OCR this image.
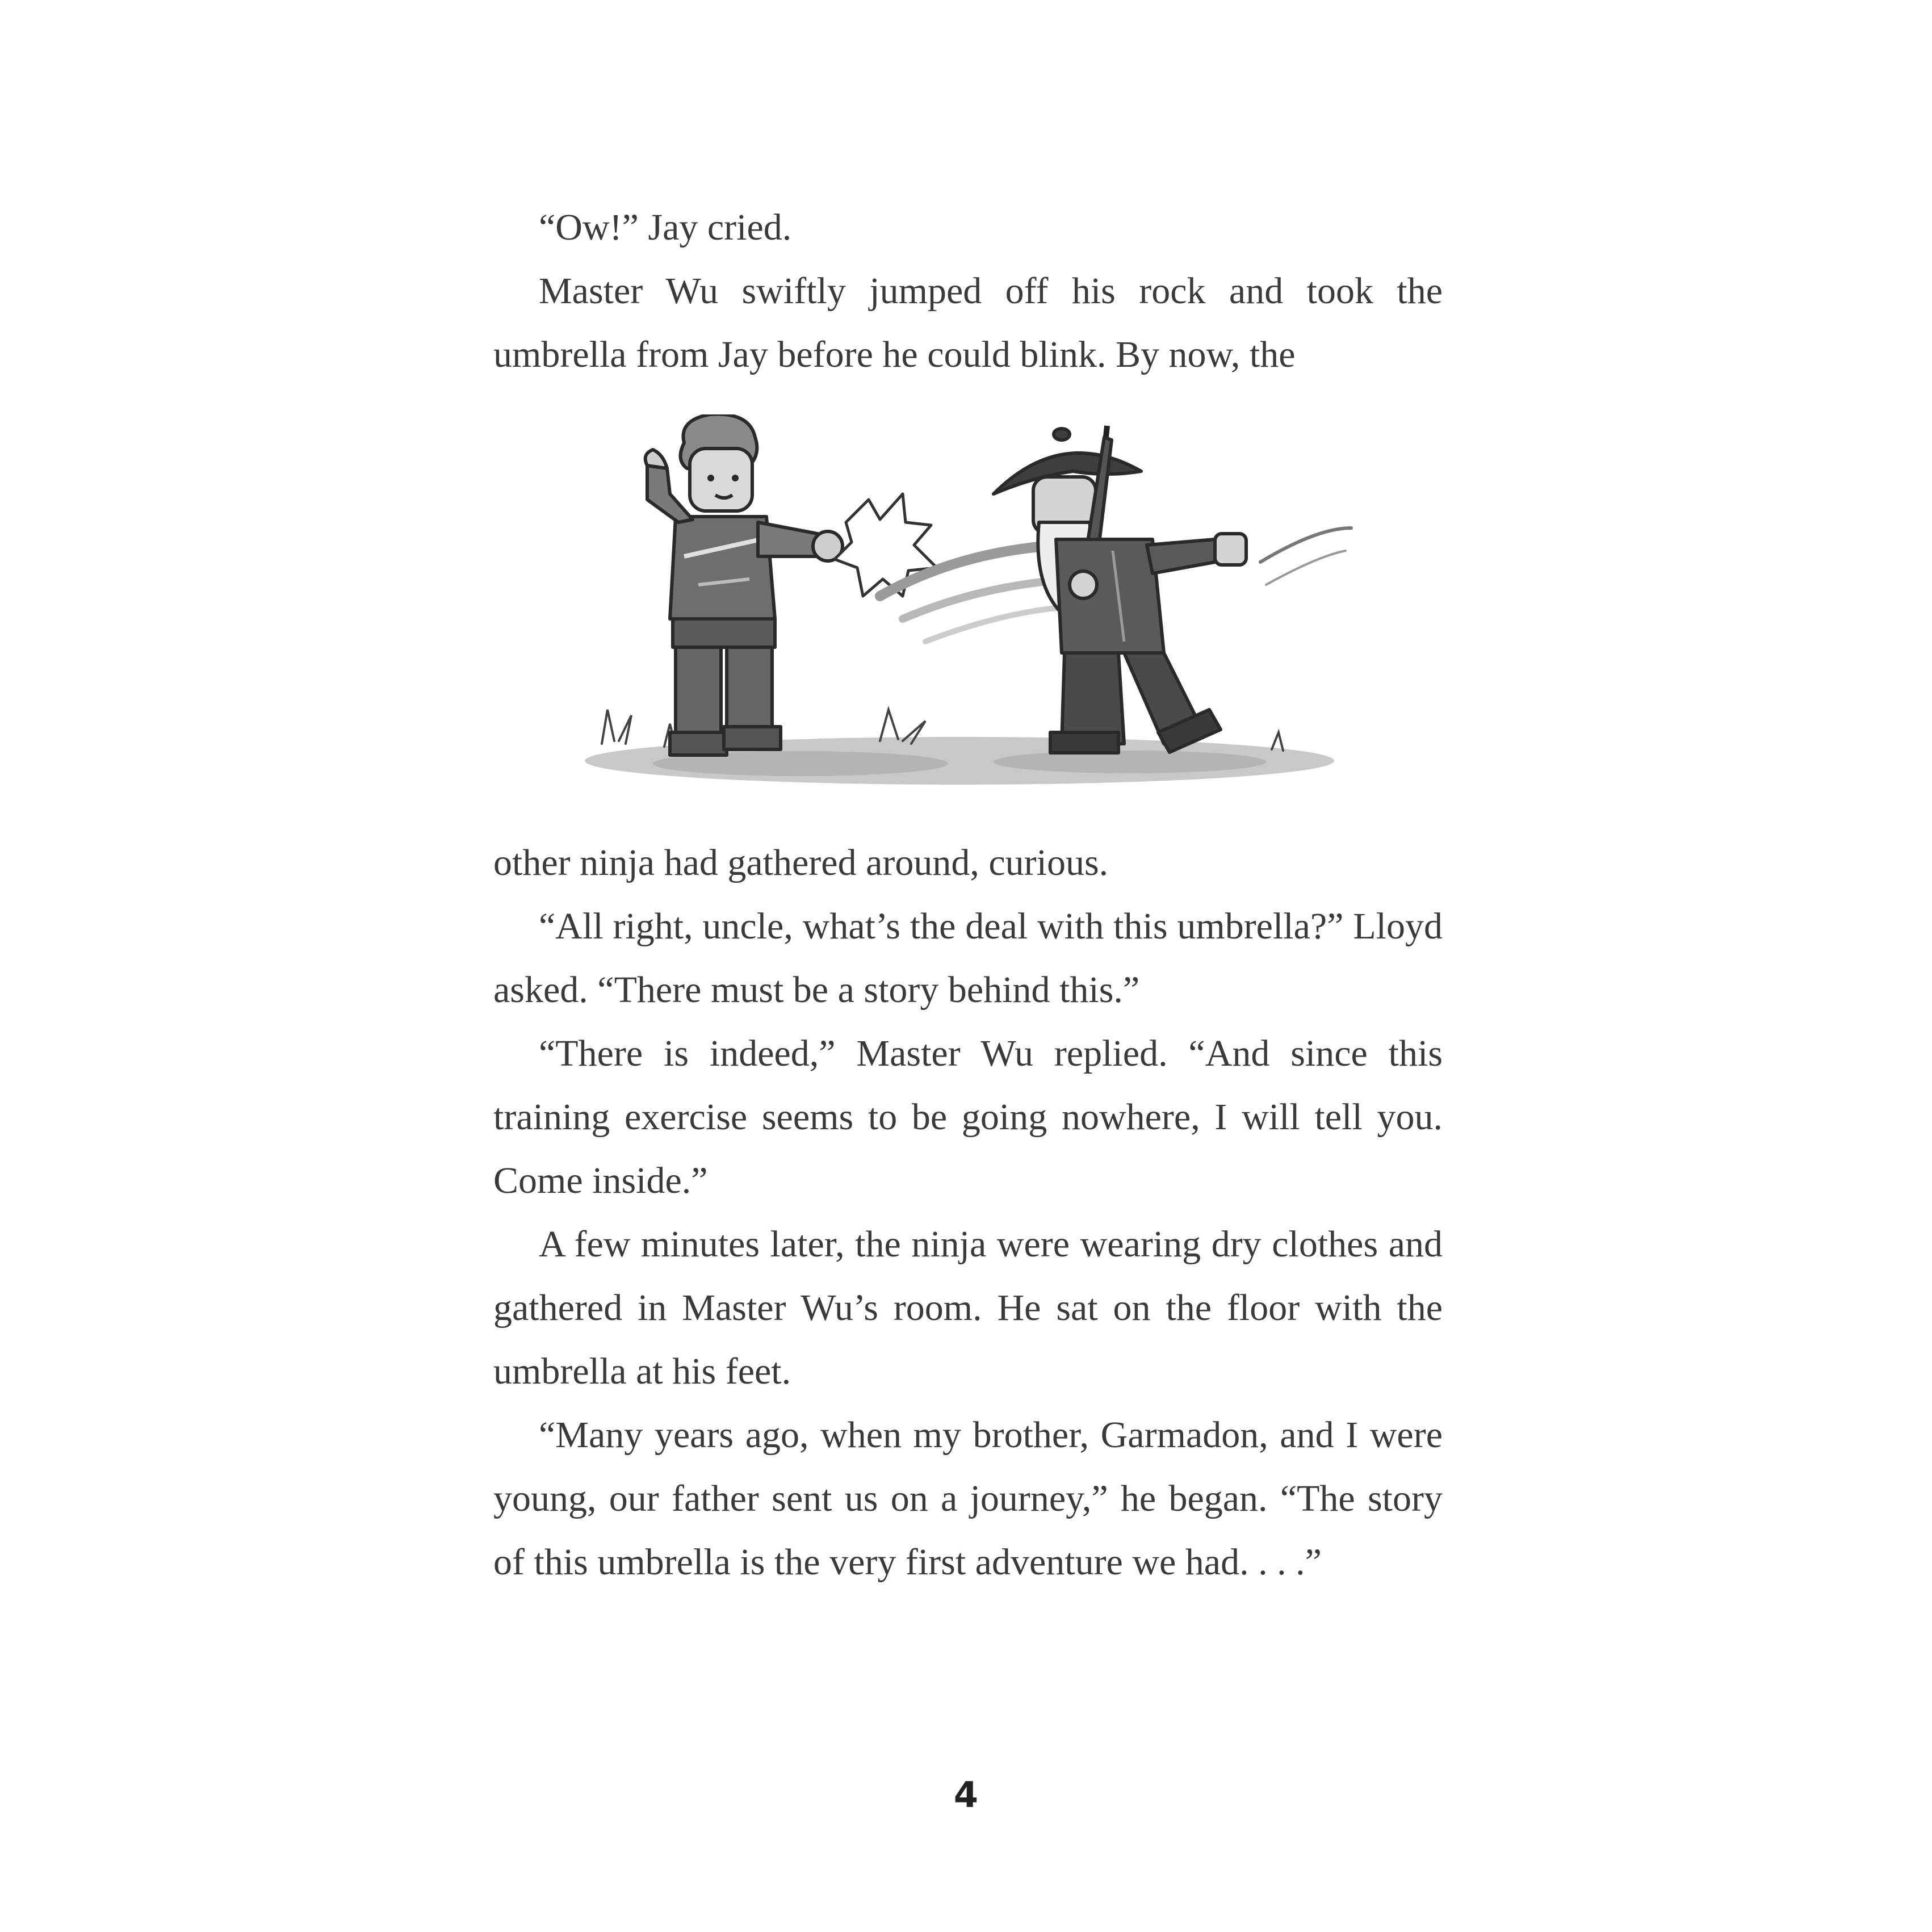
“Ow!” Jay cried.

Master Wu swiftly jumped off his rock and took the umbrella from Jay before he could blink. By now, the

other ninja had gathered around, curious.

“All right, uncle, what’s the deal with this umbrella?” Lloyd asked. “There must be a story behind this.”

“There is indeed,” Master Wu replied. “And since this training exercise seems to be going nowhere, I will tell you. Come inside.”

A few minutes later, the ninja were wearing dry clothes and gathered in Master Wu’s room. He sat on the floor with the umbrella at his feet.

“Many years ago, when my brother, Garmadon, and I were young, our father sent us on a journey,” he began. “The story of this umbrella is the very first adventure we had. . . .”

4
